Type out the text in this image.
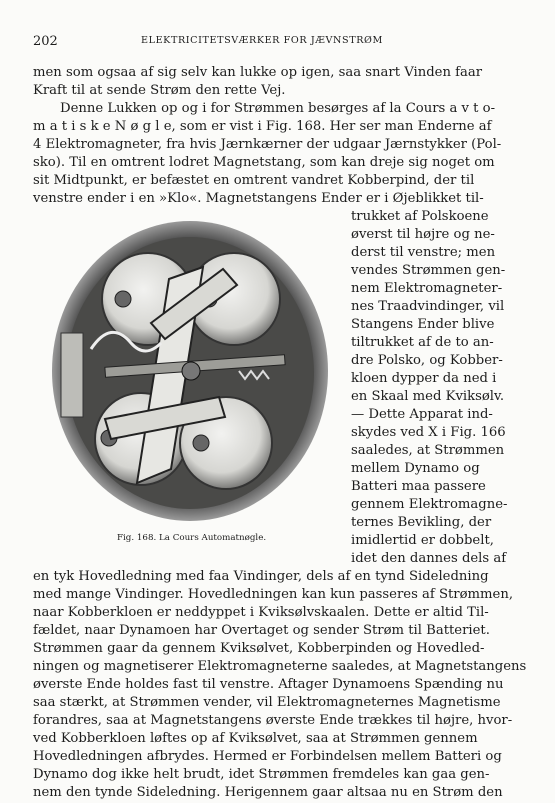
202	ELEKTRICITETSVÆRKER FOR JÆVNSTRØM
men som ogsaa af sig selv kan lukke op igen, saa snart Vinden faar
Kraft til at sende Strøm den rette Vej.
Denne Lukken op og i for Strømmen besørges af la Cours a v t o-
m a t i s k e N ø g l e, som er vist i Fig. 168. Her ser man Enderne af
4 Elektromagneter, fra hvis Jærnkærner der udgaar Jærnstykker (Pol-
sko). Til en omtrent lodret Magnetstang, som kan dreje sig noget om
sit Midtpunkt, er befæstet en omtrent vandret Kobberpind, der til
venstre ender i en »Klo«. Magnetstangens Ender er i Øjeblikket til-
Fig. 168. La Cours Automatnøgle.
trukket af Polskoene
øverst til højre og ne-
derst til venstre; men
vendes Strømmen gen-
nem Elektromagneter-
nes Traadvindinger, vil
Stangens Ender blive
tiltrukket af de to an-
dre Polsko, og Kobber-
kloen dypper da ned i
en Skaal med Kviksølv.
— Dette Apparat ind-
skydes ved X i Fig. 166
saaledes, at Strømmen
mellem Dynamo og
Batteri maa passere
gennem Elektromagne-
ternes Bevikling, der
imidlertid er dobbelt,
idet den dannes dels af
en tyk Hovedledning med faa Vindinger, dels af en tynd Sideledning
med mange Vindinger. Hovedledningen kan kun passeres af Strømmen,
naar Kobberkloen er neddyppet i Kviksølvskaalen. Dette er altid Til-
fældet, naar Dynamoen har Overtaget og sender Strøm til Batteriet.
Strømmen gaar da gennem Kviksølvet, Kobberpinden og Hovedled-
ningen og magnetiserer Elektromagneterne saaledes, at Magnetstangens
øverste Ende holdes fast til venstre. Aftager Dynamoens Spænding nu
saa stærkt, at Strømmen vender, vil Elektromagneternes Magnetisme
forandres, saa at Magnetstangens øverste Ende trækkes til højre, hvor-
ved Kobberkloen løftes op af Kviksølvet, saa at Strømmen gennem
Hovedledningen afbrydes. Hermed er Forbindelsen mellem Batteri og
Dynamo dog ikke helt brudt, idet Strømmen fremdeles kan gaa gen-
nem den tynde Sideledning. Herigennem gaar altsaa nu en Strøm den
